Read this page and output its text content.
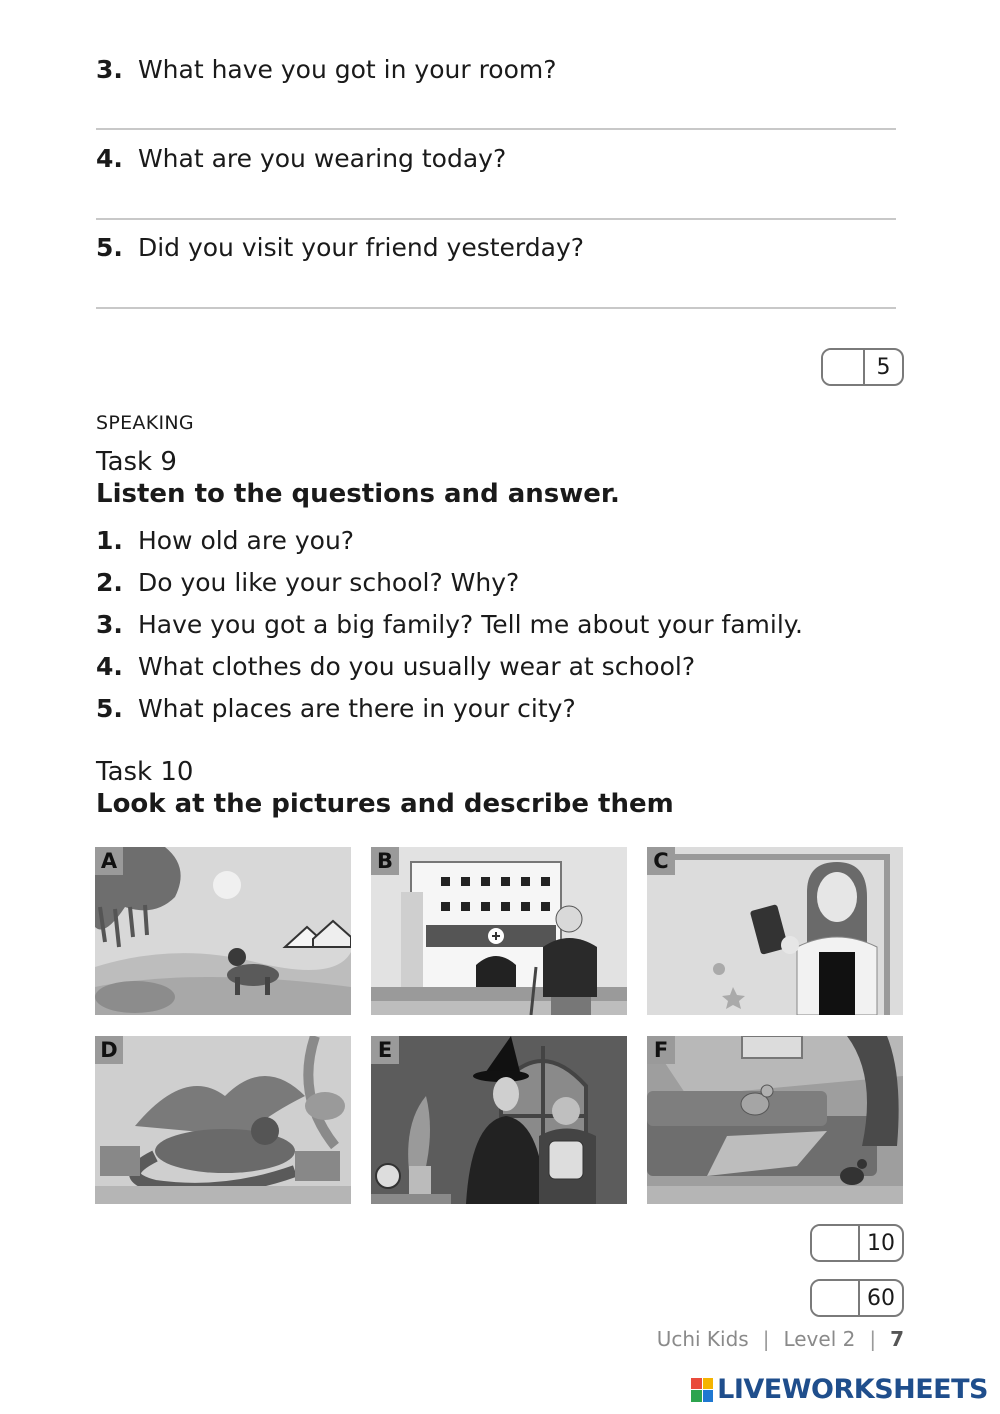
3. What have you got in your room?
4. What are you wearing today?
5. Did you visit your friend yesterday?
5
SPEAKING
Task 9
Listen to the questions and answer.
1. How old are you?
2. Do you like your school? Why?
3. Have you got a big family? Tell me about your family.
4. What clothes do you usually wear at school?
5. What places are there in your city?
Task 10
Look at the pictures and describe them
A	B	C
D	E	F
10
60
Uchi Kids | Level 2 | 7
LIVEWORKSHEETS
